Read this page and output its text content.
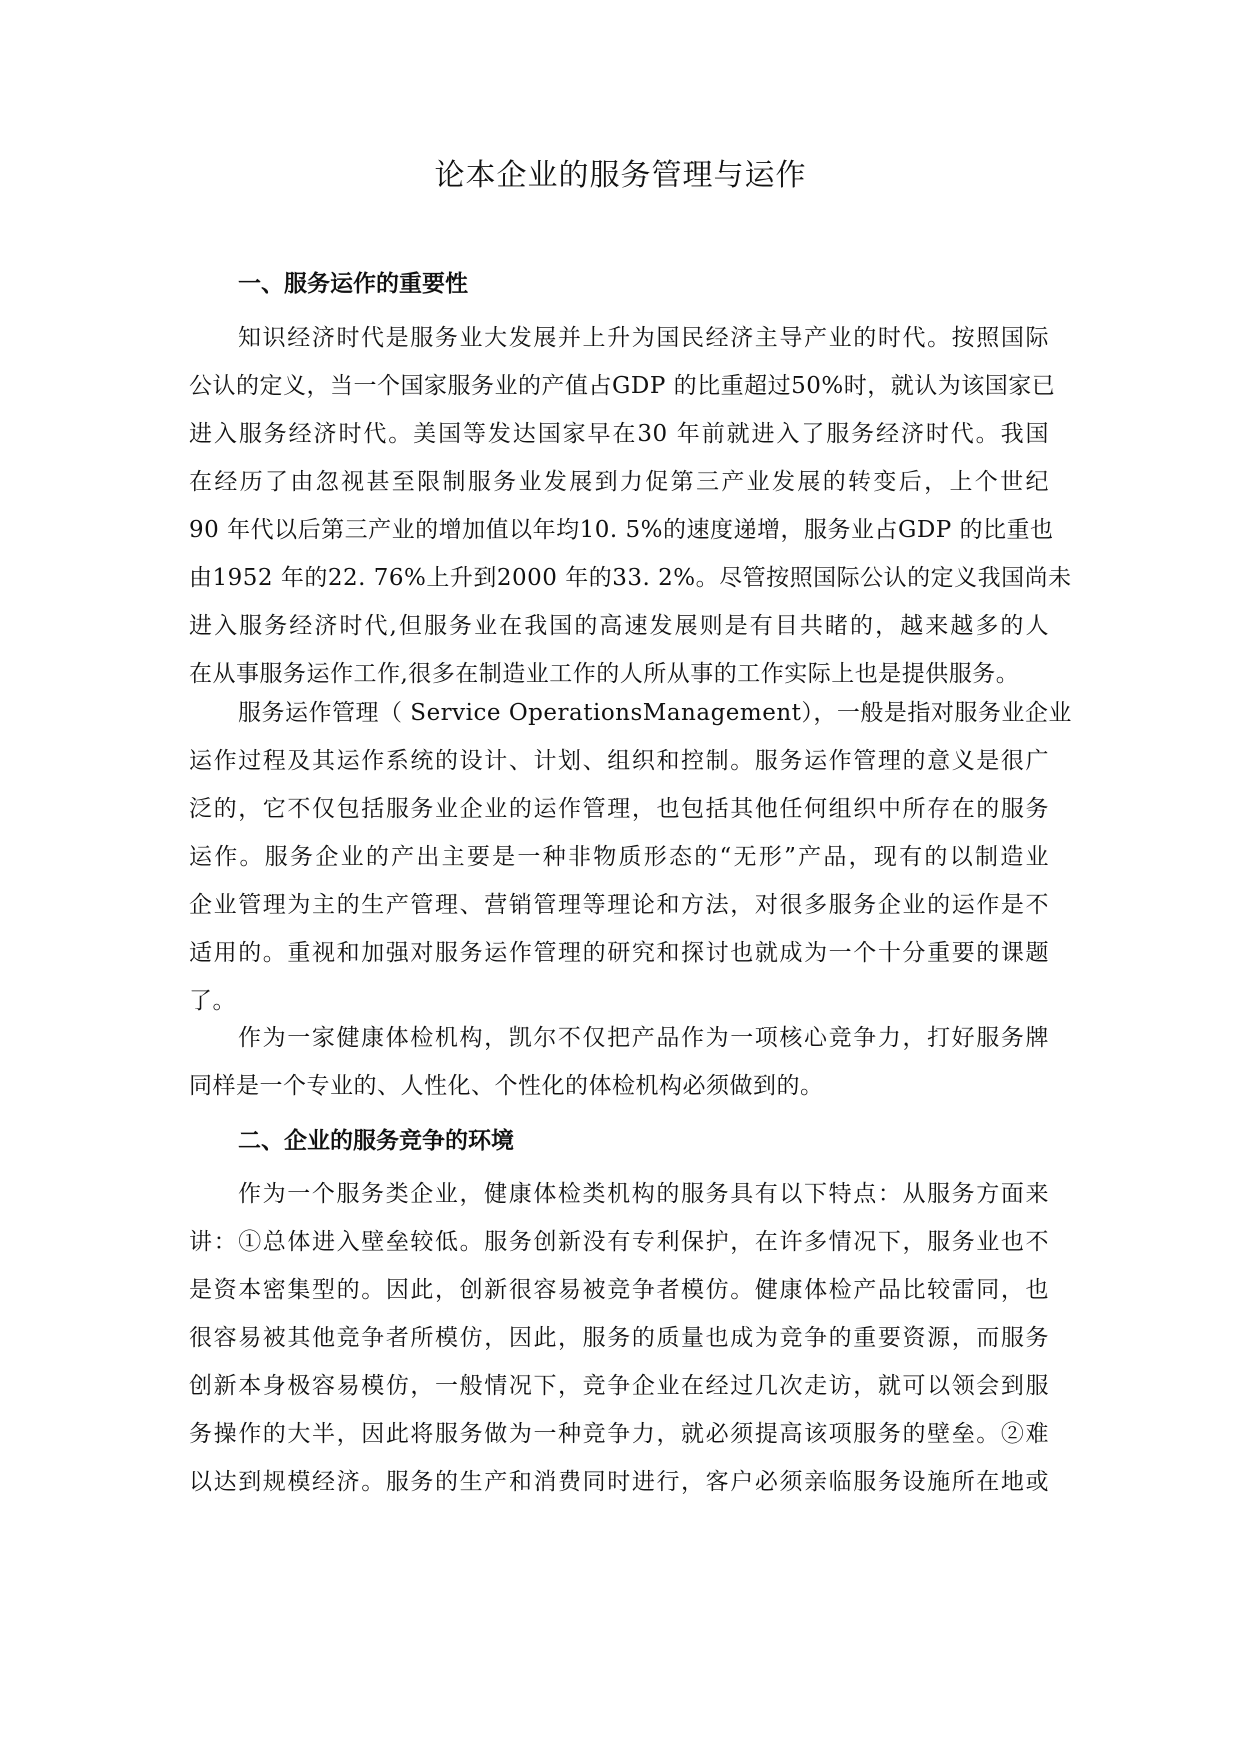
论本企业的服务管理与运作
一、服务运作的重要性
知识经济时代是服务业大发展并上升为国民经济主导产业的时代。按照国际
公认的定义，当一个国家服务业的产值占GDP 的比重超过50%时，就认为该国家已
进入服务经济时代。美国等发达国家早在30 年前就进入了服务经济时代。我国
在经历了由忽视甚至限制服务业发展到力促第三产业发展的转变后，上个世纪
90 年代以后第三产业的增加值以年均10. 5%的速度递增，服务业占GDP 的比重也
由1952 年的22. 76%上升到2000 年的33. 2%。尽管按照国际公认的定义我国尚未
进入服务经济时代,但服务业在我国的高速发展则是有目共睹的，越来越多的人
在从事服务运作工作,很多在制造业工作的人所从事的工作实际上也是提供服务。
服务运作管理（ Service OperationsManagement），一般是指对服务业企业
运作过程及其运作系统的设计、计划、组织和控制。服务运作管理的意义是很广
泛的，它不仅包括服务业企业的运作管理，也包括其他任何组织中所存在的服务
运作。服务企业的产出主要是一种非物质形态的“无形”产品，现有的以制造业
企业管理为主的生产管理、营销管理等理论和方法，对很多服务企业的运作是不
适用的。重视和加强对服务运作管理的研究和探讨也就成为一个十分重要的课题
了。
作为一家健康体检机构，凯尔不仅把产品作为一项核心竞争力，打好服务牌
同样是一个专业的、人性化、个性化的体检机构必须做到的。
二、企业的服务竞争的环境
作为一个服务类企业，健康体检类机构的服务具有以下特点：从服务方面来
讲：①总体进入壁垒较低。服务创新没有专利保护，在许多情况下，服务业也不
是资本密集型的。因此，创新很容易被竞争者模仿。健康体检产品比较雷同，也
很容易被其他竞争者所模仿，因此，服务的质量也成为竞争的重要资源，而服务
创新本身极容易模仿，一般情况下，竞争企业在经过几次走访，就可以领会到服
务操作的大半，因此将服务做为一种竞争力，就必须提高该项服务的壁垒。②难
以达到规模经济。服务的生产和消费同时进行，客户必须亲临服务设施所在地或
